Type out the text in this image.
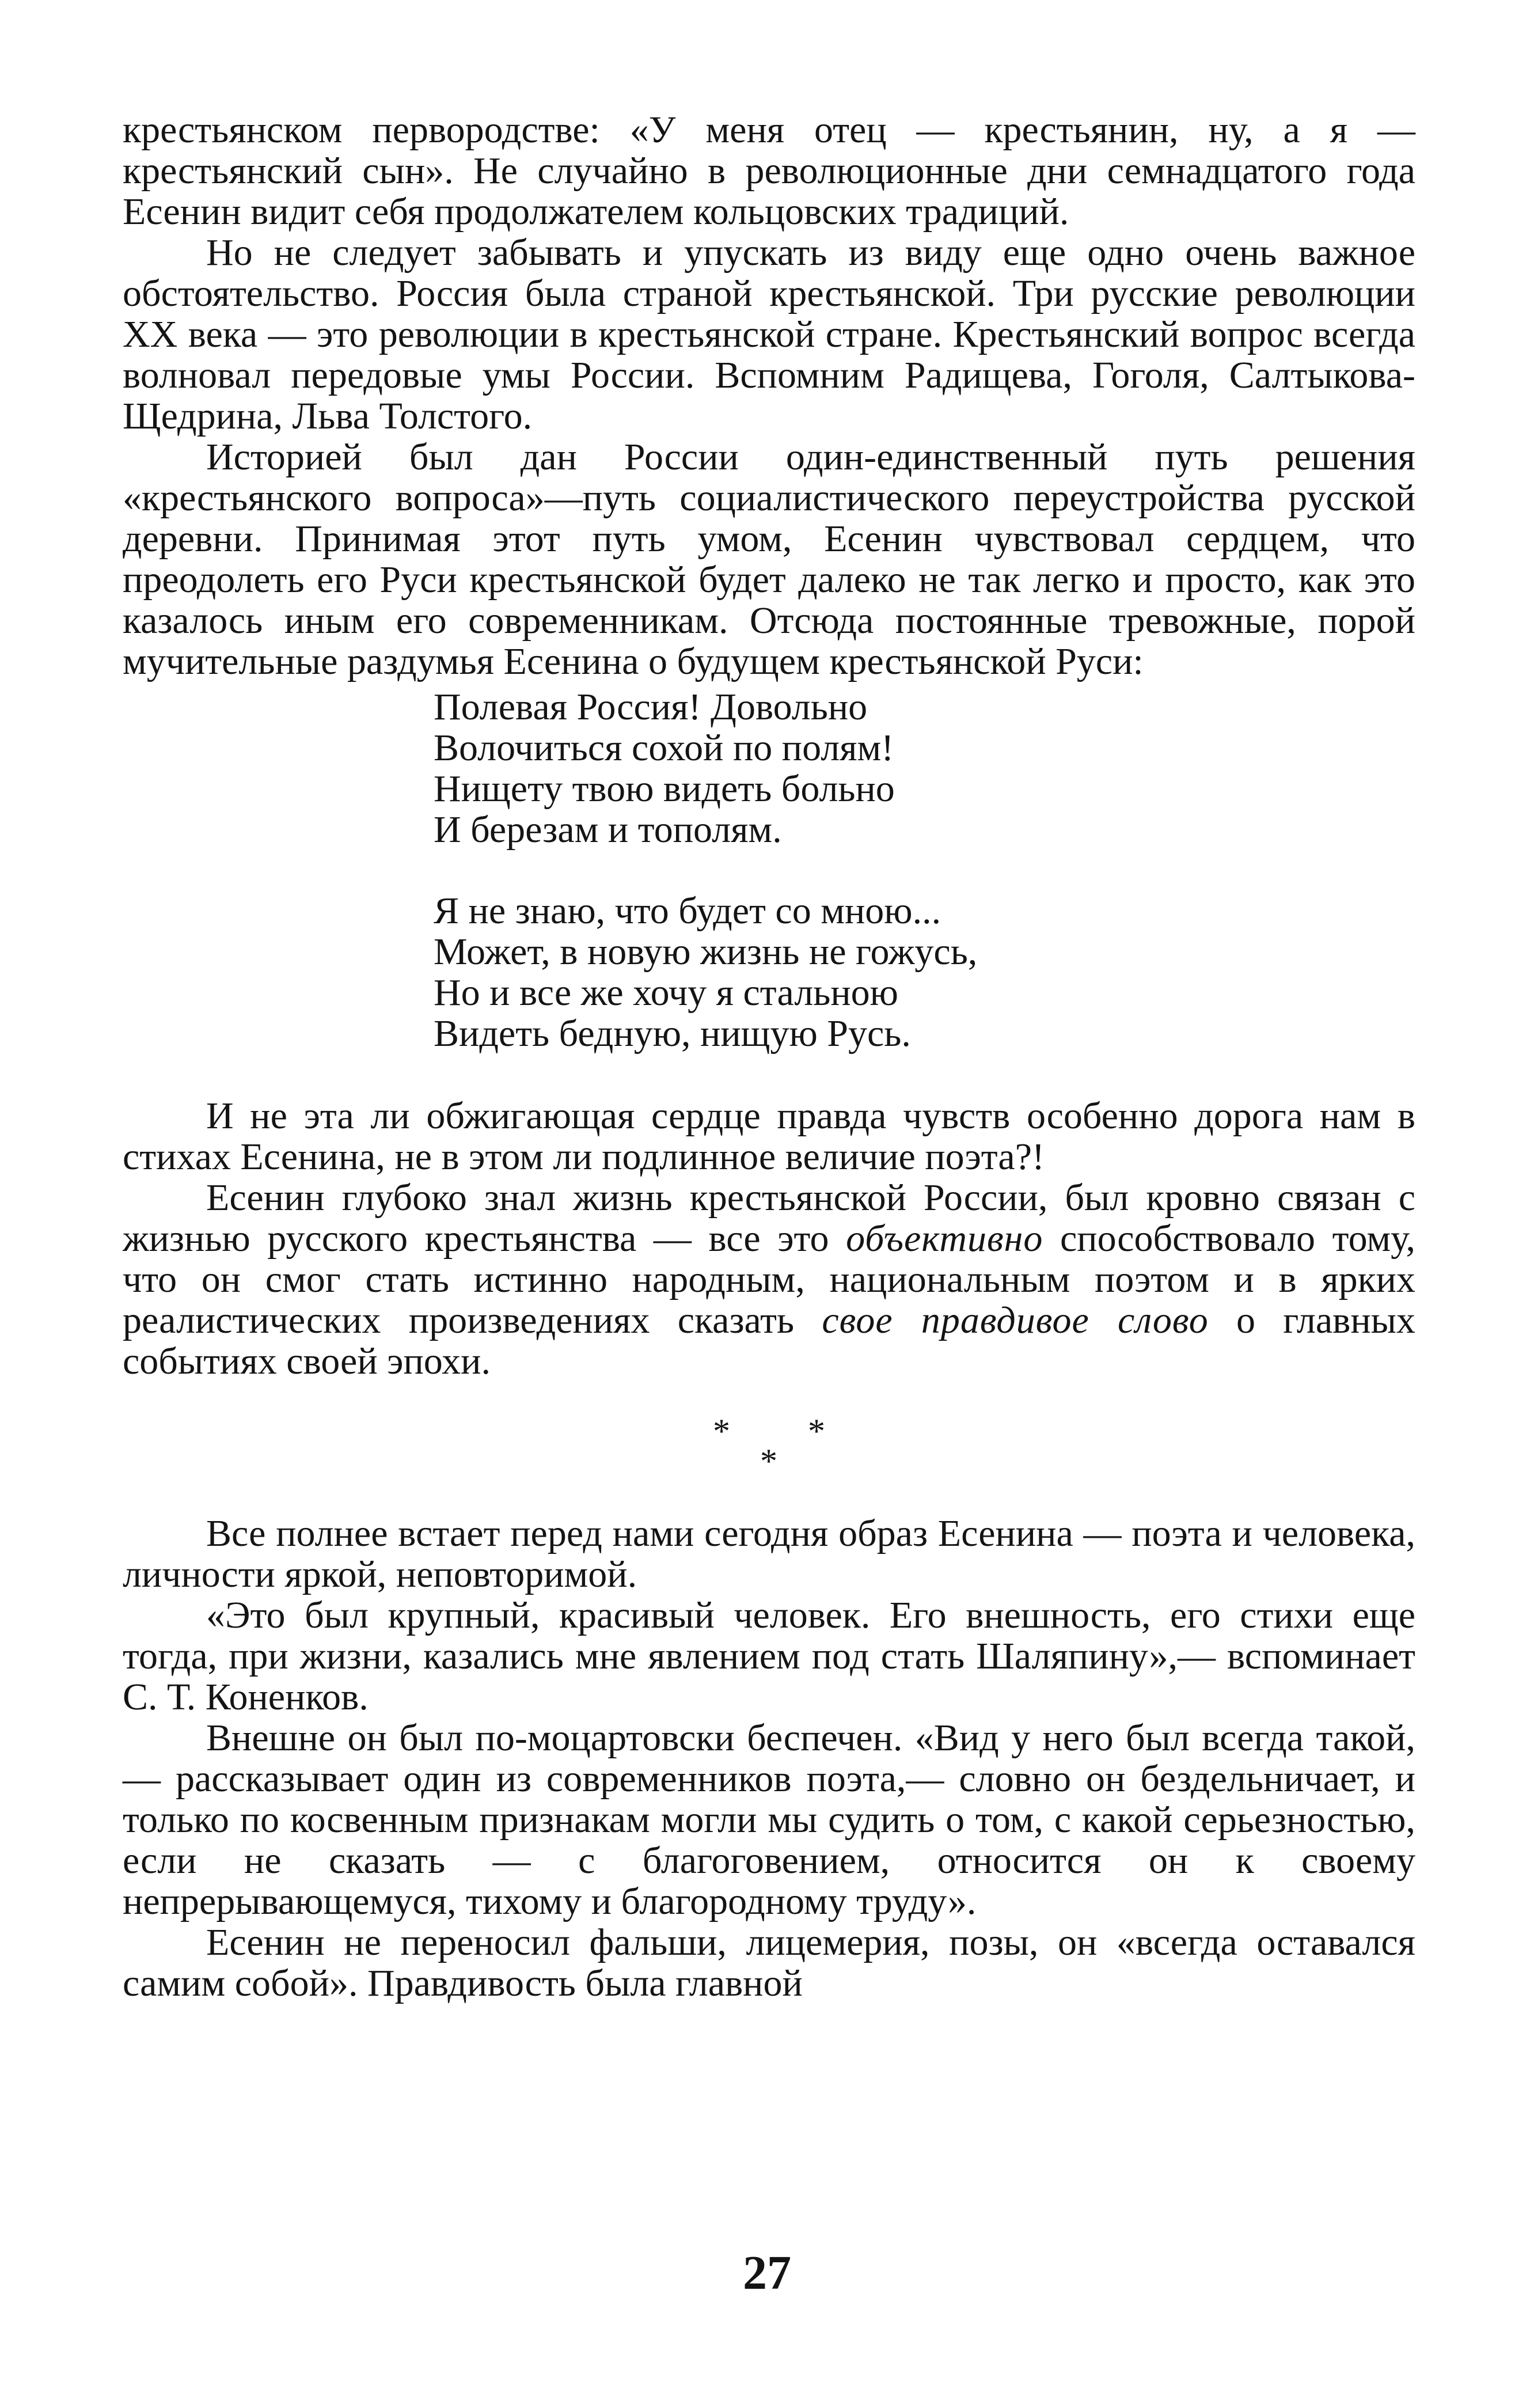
крестьянском первородстве: «У меня отец — крестьянин, ну, а я — крестьянский сын». Не случайно в революционные дни семнадцатого года Есенин видит себя продолжателем кольцовских традиций.

Но не следует забывать и упускать из виду еще одно очень важное обстоятельство. Россия была страной крестьянской. Три русские революции XX века — это революции в крестьянской стране. Крестьянский вопрос всегда волновал передовые умы России. Вспомним Радищева, Гоголя, Салтыкова-Щедрина, Льва Толстого.

Историей был дан России один-единственный путь решения «крестьянского вопроса»—путь социалистического переустройства русской деревни. Принимая этот путь умом, Есенин чувствовал сердцем, что преодолеть его Руси крестьянской будет далеко не так легко и просто, как это казалось иным его современникам. Отсюда постоянные тревожные, порой мучительные раздумья Есенина о будущем крестьянской Руси:

Полевая Россия! Довольно
Волочиться сохой по полям!
Нищету твою видеть больно
И березам и тополям.
Я не знаю, что будет со мною...
Может, в новую жизнь не гожусь,
Но и все же хочу я стальною
Видеть бедную, нищую Русь.

И не эта ли обжигающая сердце правда чувств особенно дорога нам в стихах Есенина, не в этом ли подлинное величие поэта?!

Есенин глубоко знал жизнь крестьянской России, был кровно связан с жизнью русского крестьянства — все это объективно способствовало тому, что он смог стать истинно народным, национальным поэтом и в ярких реалистических произведениях сказать свое правдивое слово о главных событиях своей эпохи.

* *
*

Все полнее встает перед нами сегодня образ Есенина — поэта и человека, личности яркой, неповторимой.

«Это был крупный, красивый человек. Его внешность, его стихи еще тогда, при жизни, казались мне явлением под стать Шаляпину»,— вспоминает С. Т. Коненков.

Внешне он был по-моцартовски беспечен. «Вид у него был всегда такой,— рассказывает один из современников поэта,— словно он бездельничает, и только по косвенным признакам могли мы судить о том, с какой серьезностью, если не сказать — с благоговением, относится он к своему непрерывающемуся, тихому и благородному труду».

Есенин не переносил фальши, лицемерия, позы, он «всегда оставался самим собой». Правдивость была главной

27
